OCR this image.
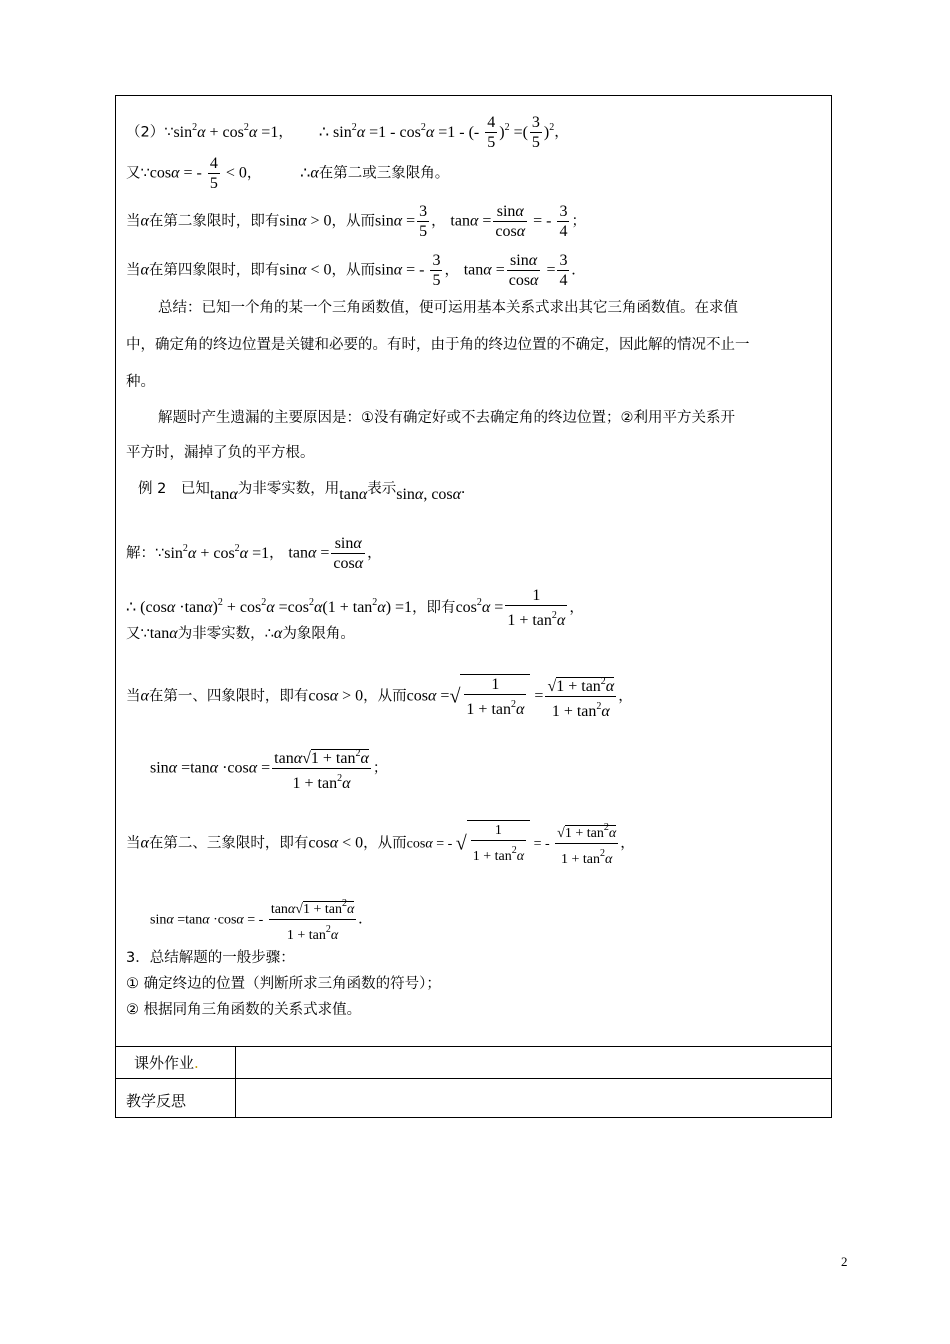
$(2)\because\sin^2\alpha + \cos^2\alpha =1$，　 ∴ $\sin^2\alpha =1 - \cos^2\alpha =1$ - (- $\frac{4}{5} )^2$ =( $\frac{3}{5} )^2$，
又∵cosα = - $\frac{4}{5} < 0$， ∴α在第二或三象限角。
当α在第二象限时，即有sinα > 0，从而$\sin\alpha = \frac{3}{5}$ ， $\tan\alpha = \frac{\sin\alpha}{\cos\alpha}$ = - $\frac{3}{4}$ ；
当α在第四象限时，即有sinα < 0，从而sinα = - $\frac{3}{5}$ ， $\tan\alpha = \frac{\sin\alpha}{\cos\alpha} = \frac{3}{4}$ .
总结：已知一个角的某一个三角函数值，便可运用基本关系式求出其它三角函数值。在求值
中，确定角的终边位置是关键和必要的。有时，由于角的终边位置的不确定，因此解的情况不止一
种。
解题时产生遗漏的主要原因是：①没有确定好或不去确定角的终边位置；②利用平方关系开
平方时，漏掉了负的平方根。
例 2　已知tanα为非零实数，用tanα表示sinα, cosα.
解：$\because\sin^2\alpha + \cos^2\alpha =1$， $\tan\alpha = \frac{\sin\alpha}{\cos\alpha}$ ，
∴ $(\cos\alpha \cdot\tan\alpha)^2 + \cos^2\alpha =\cos^2\alpha(1 + \tan^2\alpha) =1$，即有$\cos^2\alpha = \frac{1}{1 + \tan^2\alpha}$ ，
又∵tanα为非零实数，∴α为象限角。
当α在第一、四象限时，即有cosα > 0，从而cosα =√ $\frac{1}{1 + \tan^2\alpha} = \frac{√1 + \tan^2\alpha}{1 + \tan^2\alpha}$ ，
$\sin\alpha =\tan\alpha \cdot\cos\alpha = \frac{\tan\alpha√1 + \tan^2\alpha}{1 + \tan^2\alpha}$ ；
当α在第二、三象限时，即有cosα < 0，从而cosα = - √ $\frac{1}{1 + \tan^2\alpha}$ = - $\frac{√1 + \tan^2\alpha}{1 + \tan^2\alpha}$ ，
sinα =tanα ·cosα = - $\frac{\tan\alpha√1 + \tan^2\alpha}{1 + \tan^2\alpha}$ .
3．总结解题的一般步骤：
① 确定终边的位置（判断所求三角函数的符号）；
② 根据同角三角函数的关系式求值。
课外作业.
教学反思
2
